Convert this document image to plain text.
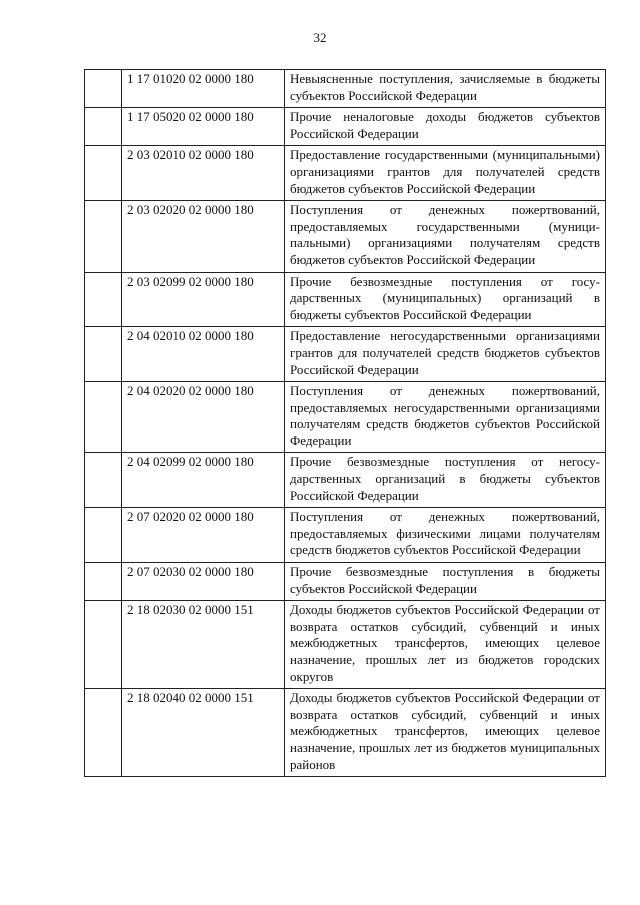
32
	1 17 01020 02 0000 180	Невыясненные поступления, зачисляемые в бюджеты субъектов Российской Федерации
	1 17 05020 02 0000 180	Прочие неналоговые доходы бюджетов субъектов Российской Федерации
	2 03 02010 02 0000 180	Предоставление государственными (муниципальными) организациями грантов для получателей средств бюджетов субъектов Российской Федерации
	2 03 02020 02 0000 180	Поступления от денежных пожертвований, предоставляемых государственными (муниципальными) организациями получателям средств бюджетов субъектов Российской Федерации
	2 03 02099 02 0000 180	Прочие безвозмездные поступления от государственных (муниципальных) организаций в бюджеты субъектов Российской Федерации
	2 04 02010 02 0000 180	Предоставление негосударственными организациями грантов для получателей средств бюджетов субъектов Российской Федерации
	2 04 02020 02 0000 180	Поступления от денежных пожертвований, предоставляемых негосударственными организациями получателям средств бюджетов субъектов Российской Федерации
	2 04 02099 02 0000 180	Прочие безвозмездные поступления от негосударственных организаций в бюджеты субъектов Российской Федерации
	2 07 02020 02 0000 180	Поступления от денежных пожертвований, предоставляемых физическими лицами получателям средств бюджетов субъектов Российской Федерации
	2 07 02030 02 0000 180	Прочие безвозмездные поступления в бюджеты субъектов Российской Федерации
	2 18 02030 02 0000 151	Доходы бюджетов субъектов Российской Федерации от возврата остатков субсидий, субвенций и иных межбюджетных трансфертов, имеющих целевое назначение, прошлых лет из бюджетов городских округов
	2 18 02040 02 0000 151	Доходы бюджетов субъектов Российской Федерации от возврата остатков субсидий, субвенций и иных межбюджетных трансфертов, имеющих целевое назначение, прошлых лет из бюджетов муниципальных районов
